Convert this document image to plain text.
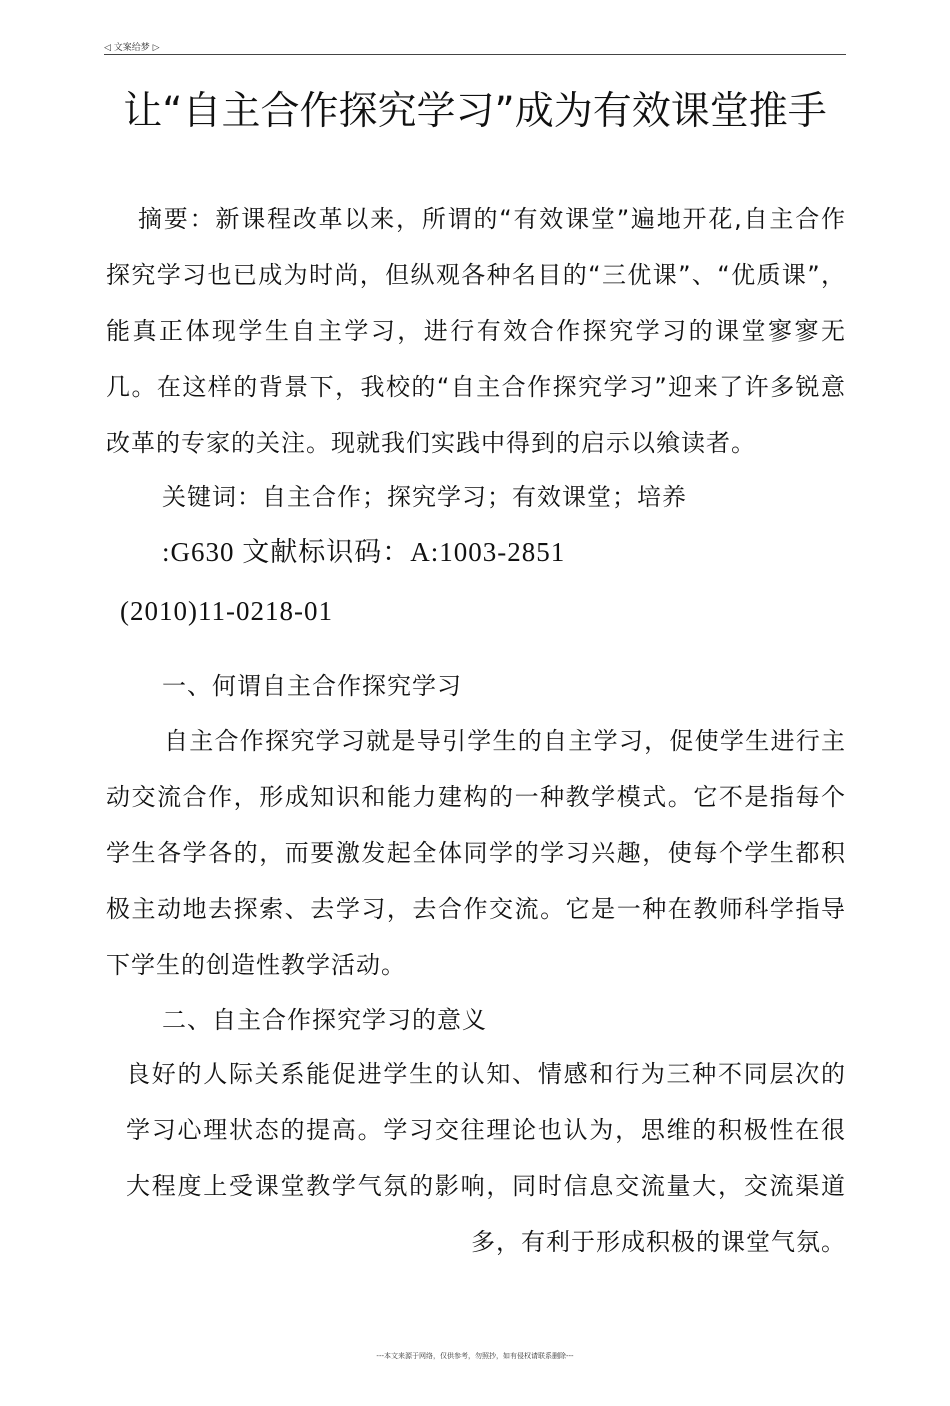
◁ 文案给梦 ▷
让“自主合作探究学习”成为有效课堂推手

摘要：新课程改革以来，所谓的“有效课堂”遍地开花,自主合作探究学习也已成为时尚，但纵观各种名目的“三优课”、“优质课”，能真正体现学生自主学习，进行有效合作探究学习的课堂寥寥无几。在这样的背景下，我校的“自主合作探究学习”迎来了许多锐意改革的专家的关注。现就我们实践中得到的启示以飨读者。

关键词：自主合作；探究学习；有效课堂；培养

:G630 文献标识码：A:1003-2851

(2010)11-0218-01

一、何谓自主合作探究学习

自主合作探究学习就是导引学生的自主学习，促使学生进行主动交流合作，形成知识和能力建构的一种教学模式。它不是指每个学生各学各的，而要激发起全体同学的学习兴趣，使每个学生都积极主动地去探索、去学习，去合作交流。它是一种在教师科学指导下学生的创造性教学活动。

二、自主合作探究学习的意义

良好的人际关系能促进学生的认知、情感和行为三种不同层次的学习心理状态的提高。学习交往理论也认为，思维的积极性在很大程度上受课堂教学气氛的影响，同时信息交流量大，交流渠道多，有利于形成积极的课堂气氛。

---本文来源于网络，仅供参考，勿照抄，如有侵权请联系删除---
